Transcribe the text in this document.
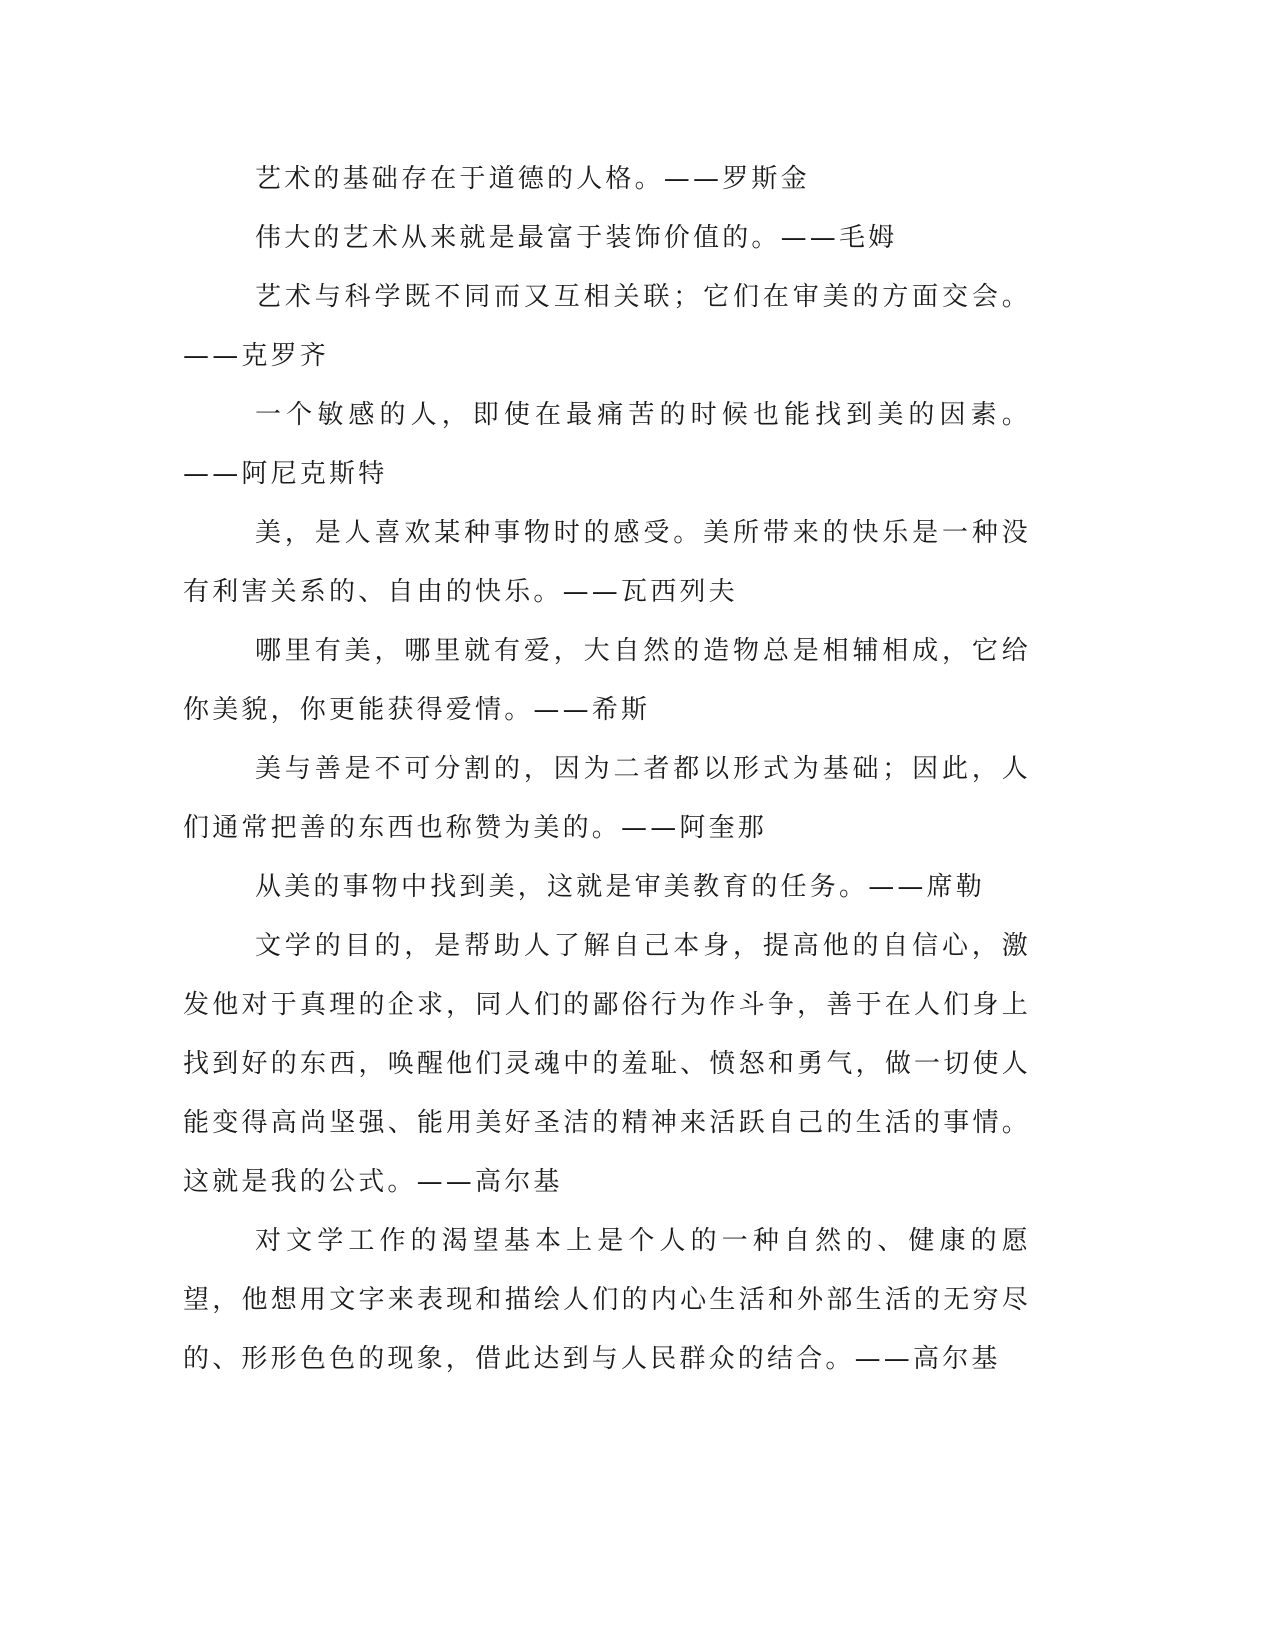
艺术的基础存在于道德的人格。——罗斯金

伟大的艺术从来就是最富于装饰价值的。——毛姆

艺术与科学既不同而又互相关联；它们在审美的方面交会。——克罗齐

一个敏感的人，即使在最痛苦的时候也能找到美的因素。——阿尼克斯特

美，是人喜欢某种事物时的感受。美所带来的快乐是一种没有利害关系的、自由的快乐。——瓦西列夫

哪里有美，哪里就有爱，大自然的造物总是相辅相成，它给你美貌，你更能获得爱情。——希斯

美与善是不可分割的，因为二者都以形式为基础；因此，人们通常把善的东西也称赞为美的。——阿奎那

从美的事物中找到美，这就是审美教育的任务。——席勒

文学的目的，是帮助人了解自己本身，提高他的自信心，激发他对于真理的企求，同人们的鄙俗行为作斗争，善于在人们身上找到好的东西，唤醒他们灵魂中的羞耻、愤怒和勇气，做一切使人能变得高尚坚强、能用美好圣洁的精神来活跃自己的生活的事情。这就是我的公式。——高尔基

对文学工作的渴望基本上是个人的一种自然的、健康的愿望，他想用文字来表现和描绘人们的内心生活和外部生活的无穷尽的、形形色色的现象，借此达到与人民群众的结合。——高尔基
